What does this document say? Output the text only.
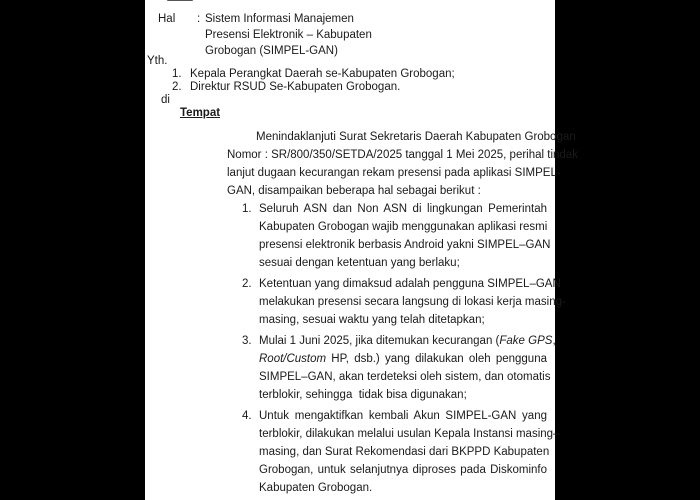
Hal : Sistem Informasi Manajemen
Presensi Elektronik – Kabupaten
Grobogan (SIMPEL-GAN)
Yth.
1. Kepala Perangkat Daerah se-Kabupaten Grobogan;
2. Direktur RSUD Se-Kabupaten Grobogan.
di
Tempat
Menindaklanjuti Surat Sekretaris Daerah Kabupaten Grobogan
Nomor : SR/800/350/SETDA/2025 tanggal 1 Mei 2025, perihal tindak
lanjut dugaan kecurangan rekam presensi pada aplikasi SIMPEL-
GAN, disampaikan beberapa hal sebagai berikut :
1. Seluruh ASN dan Non ASN di lingkungan Pemerintah
Kabupaten Grobogan wajib menggunakan aplikasi resmi
presensi elektronik berbasis Android yakni SIMPEL–GAN
sesuai dengan ketentuan yang berlaku;
2. Ketentuan yang dimaksud adalah pengguna SIMPEL–GAN
melakukan presensi secara langsung di lokasi kerja masing-
masing, sesuai waktu yang telah ditetapkan;
3. Mulai 1 Juni 2025, jika ditemukan kecurangan (Fake GPS,
Root/Custom HP, dsb.) yang dilakukan oleh pengguna
SIMPEL–GAN, akan terdeteksi oleh sistem, dan otomatis
terblokir, sehingga  tidak bisa digunakan;
4. Untuk mengaktifkan kembali Akun SIMPEL-GAN yang
terblokir, dilakukan melalui usulan Kepala Instansi masing–
masing, dan Surat Rekomendasi dari BKPPD Kabupaten
Grobogan, untuk selanjutnya diproses pada Diskominfo
Kabupaten Grobogan.
